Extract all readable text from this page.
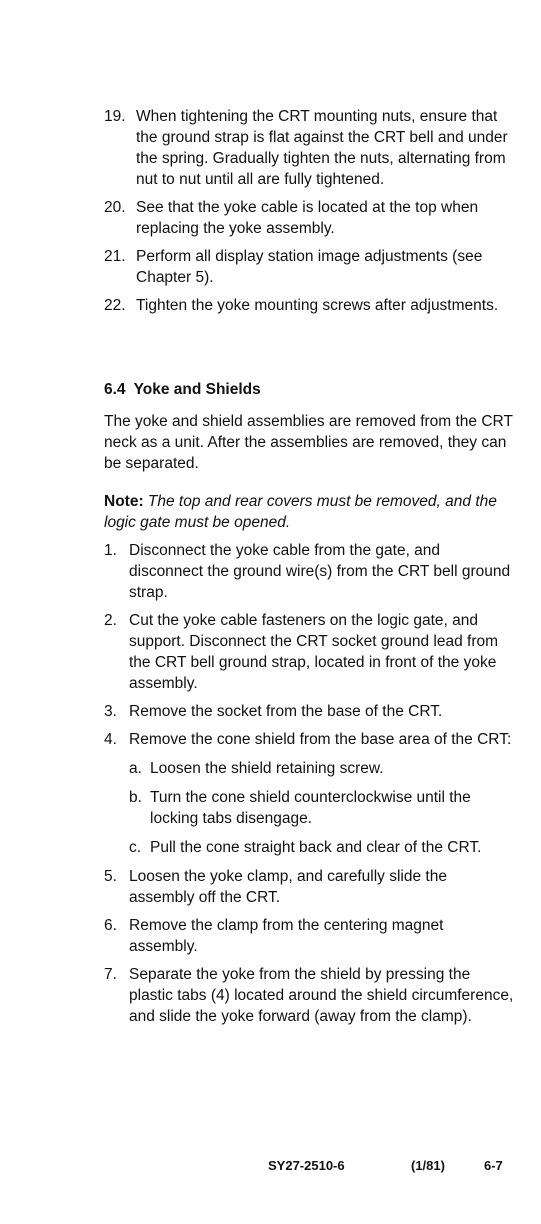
19. When tightening the CRT mounting nuts, ensure that the ground strap is flat against the CRT bell and under the spring. Gradually tighten the nuts, alternating from nut to nut until all are fully tightened.
20. See that the yoke cable is located at the top when replacing the yoke assembly.
21. Perform all display station image adjustments (see Chapter 5).
22. Tighten the yoke mounting screws after adjustments.
6.4 Yoke and Shields

The yoke and shield assemblies are removed from the CRT neck as a unit. After the assemblies are removed, they can be separated.

Note: The top and rear covers must be removed, and the logic gate must be opened.

1. Disconnect the yoke cable from the gate, and disconnect the ground wire(s) from the CRT bell ground strap.
2. Cut the yoke cable fasteners on the logic gate, and support. Disconnect the CRT socket ground lead from the CRT bell ground strap, located in front of the yoke assembly.
3. Remove the socket from the base of the CRT.
4. Remove the cone shield from the base area of the CRT:
a. Loosen the shield retaining screw.
b. Turn the cone shield counterclockwise until the locking tabs disengage.
c. Pull the cone straight back and clear of the CRT.
5. Loosen the yoke clamp, and carefully slide the assembly off the CRT.
6. Remove the clamp from the centering magnet assembly.
7. Separate the yoke from the shield by pressing the plastic tabs (4) located around the shield circumference, and slide the yoke forward (away from the clamp).
SY27-2510-6	(1/81)	6-7
